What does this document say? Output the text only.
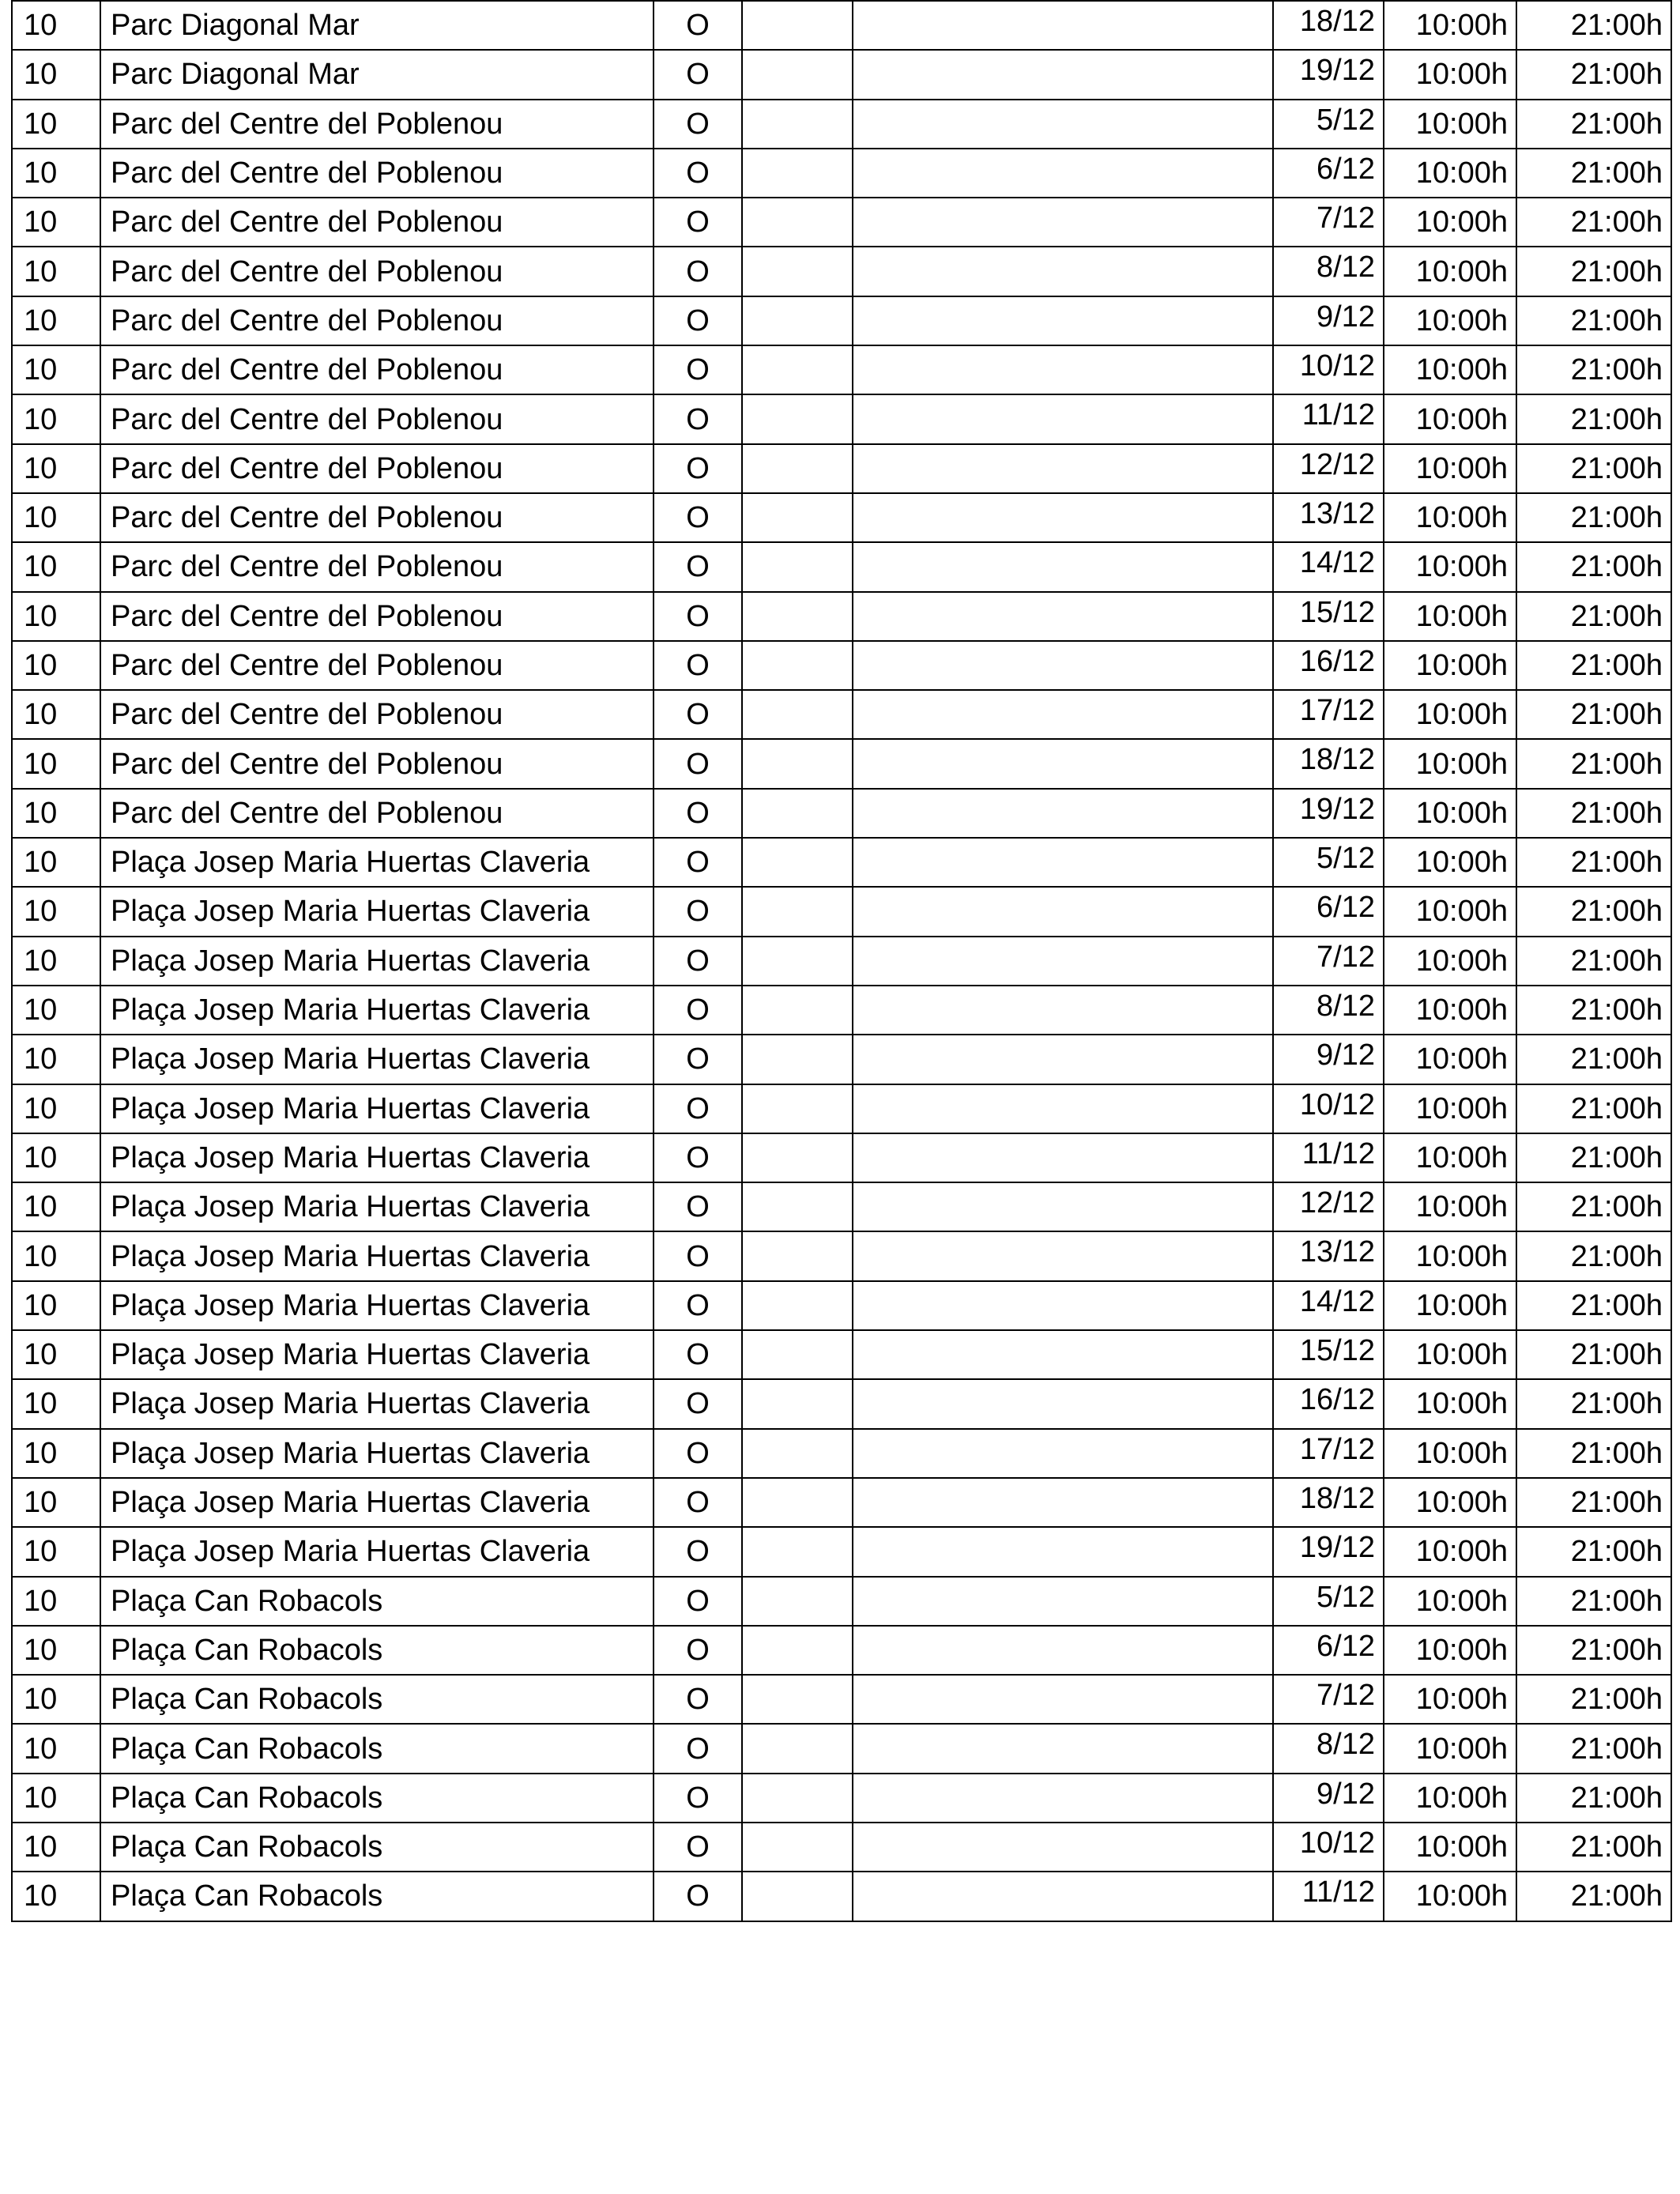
10	Parc Diagonal Mar	O			18/12	10:00h	21:00h
10	Parc Diagonal Mar	O			19/12	10:00h	21:00h
10	Parc del Centre del Poblenou	O			5/12	10:00h	21:00h
10	Parc del Centre del Poblenou	O			6/12	10:00h	21:00h
10	Parc del Centre del Poblenou	O			7/12	10:00h	21:00h
10	Parc del Centre del Poblenou	O			8/12	10:00h	21:00h
10	Parc del Centre del Poblenou	O			9/12	10:00h	21:00h
10	Parc del Centre del Poblenou	O			10/12	10:00h	21:00h
10	Parc del Centre del Poblenou	O			11/12	10:00h	21:00h
10	Parc del Centre del Poblenou	O			12/12	10:00h	21:00h
10	Parc del Centre del Poblenou	O			13/12	10:00h	21:00h
10	Parc del Centre del Poblenou	O			14/12	10:00h	21:00h
10	Parc del Centre del Poblenou	O			15/12	10:00h	21:00h
10	Parc del Centre del Poblenou	O			16/12	10:00h	21:00h
10	Parc del Centre del Poblenou	O			17/12	10:00h	21:00h
10	Parc del Centre del Poblenou	O			18/12	10:00h	21:00h
10	Parc del Centre del Poblenou	O			19/12	10:00h	21:00h
10	Plaça Josep Maria Huertas Claveria	O			5/12	10:00h	21:00h
10	Plaça Josep Maria Huertas Claveria	O			6/12	10:00h	21:00h
10	Plaça Josep Maria Huertas Claveria	O			7/12	10:00h	21:00h
10	Plaça Josep Maria Huertas Claveria	O			8/12	10:00h	21:00h
10	Plaça Josep Maria Huertas Claveria	O			9/12	10:00h	21:00h
10	Plaça Josep Maria Huertas Claveria	O			10/12	10:00h	21:00h
10	Plaça Josep Maria Huertas Claveria	O			11/12	10:00h	21:00h
10	Plaça Josep Maria Huertas Claveria	O			12/12	10:00h	21:00h
10	Plaça Josep Maria Huertas Claveria	O			13/12	10:00h	21:00h
10	Plaça Josep Maria Huertas Claveria	O			14/12	10:00h	21:00h
10	Plaça Josep Maria Huertas Claveria	O			15/12	10:00h	21:00h
10	Plaça Josep Maria Huertas Claveria	O			16/12	10:00h	21:00h
10	Plaça Josep Maria Huertas Claveria	O			17/12	10:00h	21:00h
10	Plaça Josep Maria Huertas Claveria	O			18/12	10:00h	21:00h
10	Plaça Josep Maria Huertas Claveria	O			19/12	10:00h	21:00h
10	Plaça Can Robacols	O			5/12	10:00h	21:00h
10	Plaça Can Robacols	O			6/12	10:00h	21:00h
10	Plaça Can Robacols	O			7/12	10:00h	21:00h
10	Plaça Can Robacols	O			8/12	10:00h	21:00h
10	Plaça Can Robacols	O			9/12	10:00h	21:00h
10	Plaça Can Robacols	O			10/12	10:00h	21:00h
10	Plaça Can Robacols	O			11/12	10:00h	21:00h
